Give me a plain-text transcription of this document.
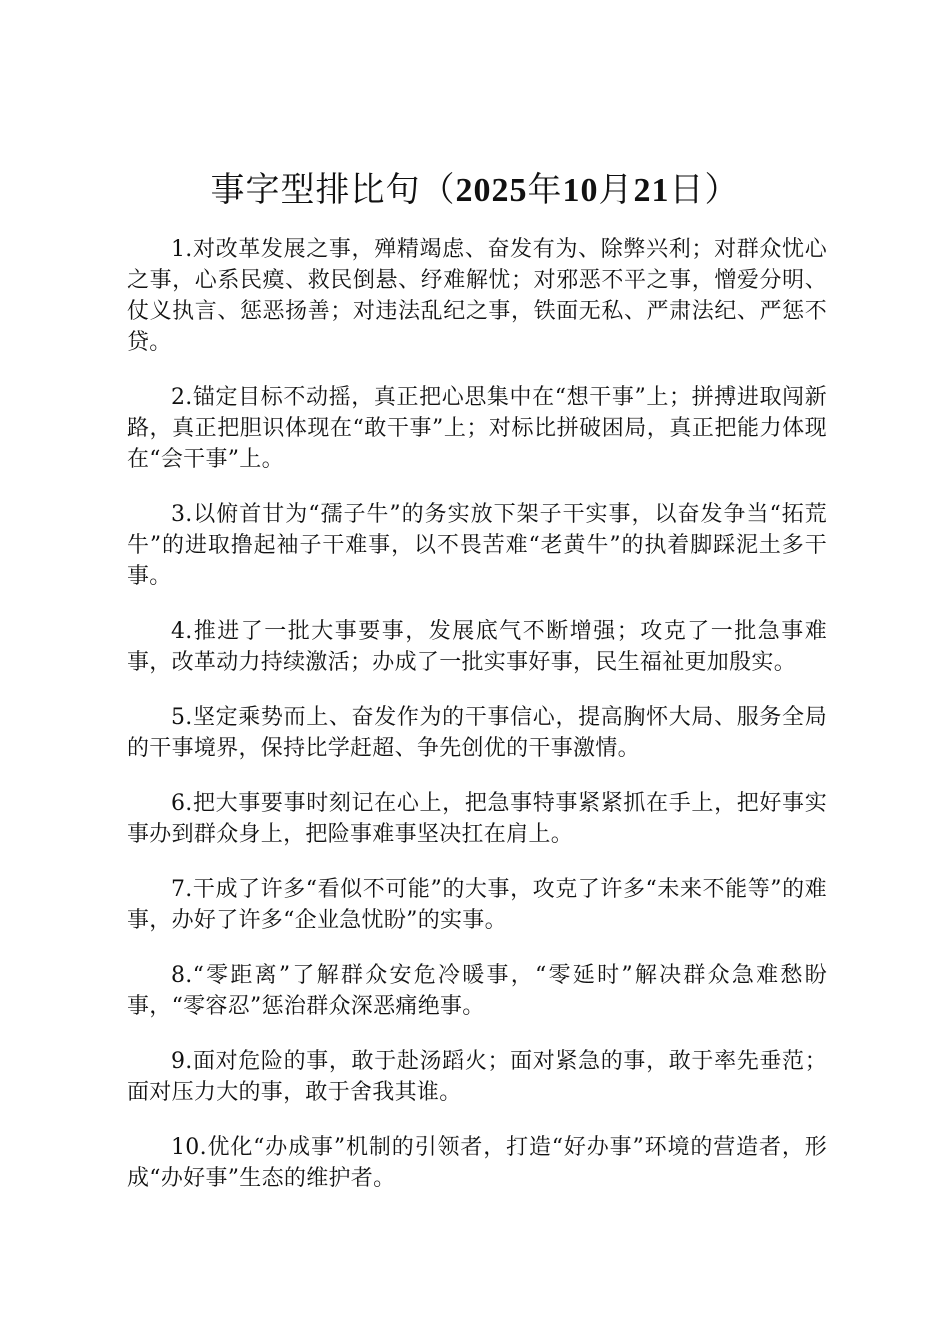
事字型排比句（2025年10月21日）

1.对改革发展之事，殚精竭虑、奋发有为、除弊兴利；对群众忧心之事，心系民瘼、救民倒悬、纾难解忧；对邪恶不平之事，憎爱分明、仗义执言、惩恶扬善；对违法乱纪之事，铁面无私、严肃法纪、严惩不贷。

2.锚定目标不动摇，真正把心思集中在“想干事”上；拼搏进取闯新路，真正把胆识体现在“敢干事”上；对标比拼破困局，真正把能力体现在“会干事”上。

3.以俯首甘为“孺子牛”的务实放下架子干实事，以奋发争当“拓荒牛”的进取撸起袖子干难事，以不畏苦难“老黄牛”的执着脚踩泥土多干事。

4.推进了一批大事要事，发展底气不断增强；攻克了一批急事难事，改革动力持续激活；办成了一批实事好事，民生福祉更加殷实。

5.坚定乘势而上、奋发作为的干事信心，提高胸怀大局、服务全局的干事境界，保持比学赶超、争先创优的干事激情。

6.把大事要事时刻记在心上，把急事特事紧紧抓在手上，把好事实事办到群众身上，把险事难事坚决扛在肩上。

7.干成了许多“看似不可能”的大事，攻克了许多“未来不能等”的难事，办好了许多“企业急忧盼”的实事。

8.“零距离”了解群众安危冷暖事，“零延时”解决群众急难愁盼事，“零容忍”惩治群众深恶痛绝事。

9.面对危险的事，敢于赴汤蹈火；面对紧急的事，敢于率先垂范；面对压力大的事，敢于舍我其谁。

10.优化“办成事”机制的引领者，打造“好办事”环境的营造者，形成“办好事”生态的维护者。
